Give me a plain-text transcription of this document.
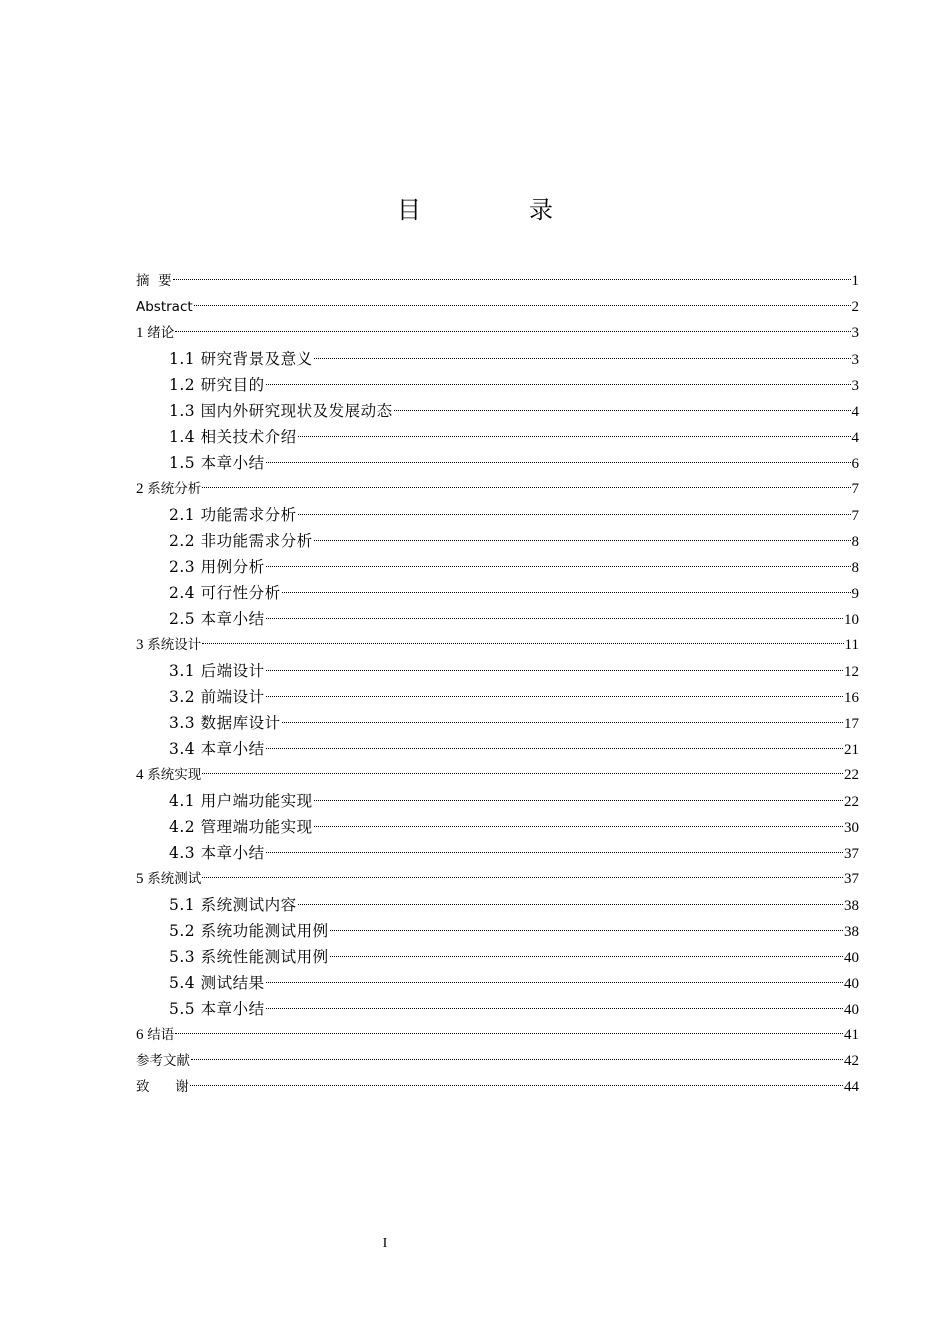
目　录
摘  要	1
Abstract	2
1 绪论	3
1.1 研究背景及意义	3
1.2 研究目的	3
1.3 国内外研究现状及发展动态	4
1.4 相关技术介绍	4
1.5 本章小结	6
2 系统分析	7
2.1 功能需求分析	7
2.2 非功能需求分析	8
2.3 用例分析	8
2.4 可行性分析	9
2.5 本章小结	10
3 系统设计	11
3.1 后端设计	12
3.2 前端设计	16
3.3 数据库设计	17
3.4 本章小结	21
4 系统实现	22
4.1 用户端功能实现	22
4.2 管理端功能实现	30
4.3 本章小结	37
5 系统测试	37
5.1 系统测试内容	38
5.2 系统功能测试用例	38
5.3 系统性能测试用例	40
5.4 测试结果	40
5.5 本章小结	40
6 结语	41
参考文献	42
致      谢	44
I
